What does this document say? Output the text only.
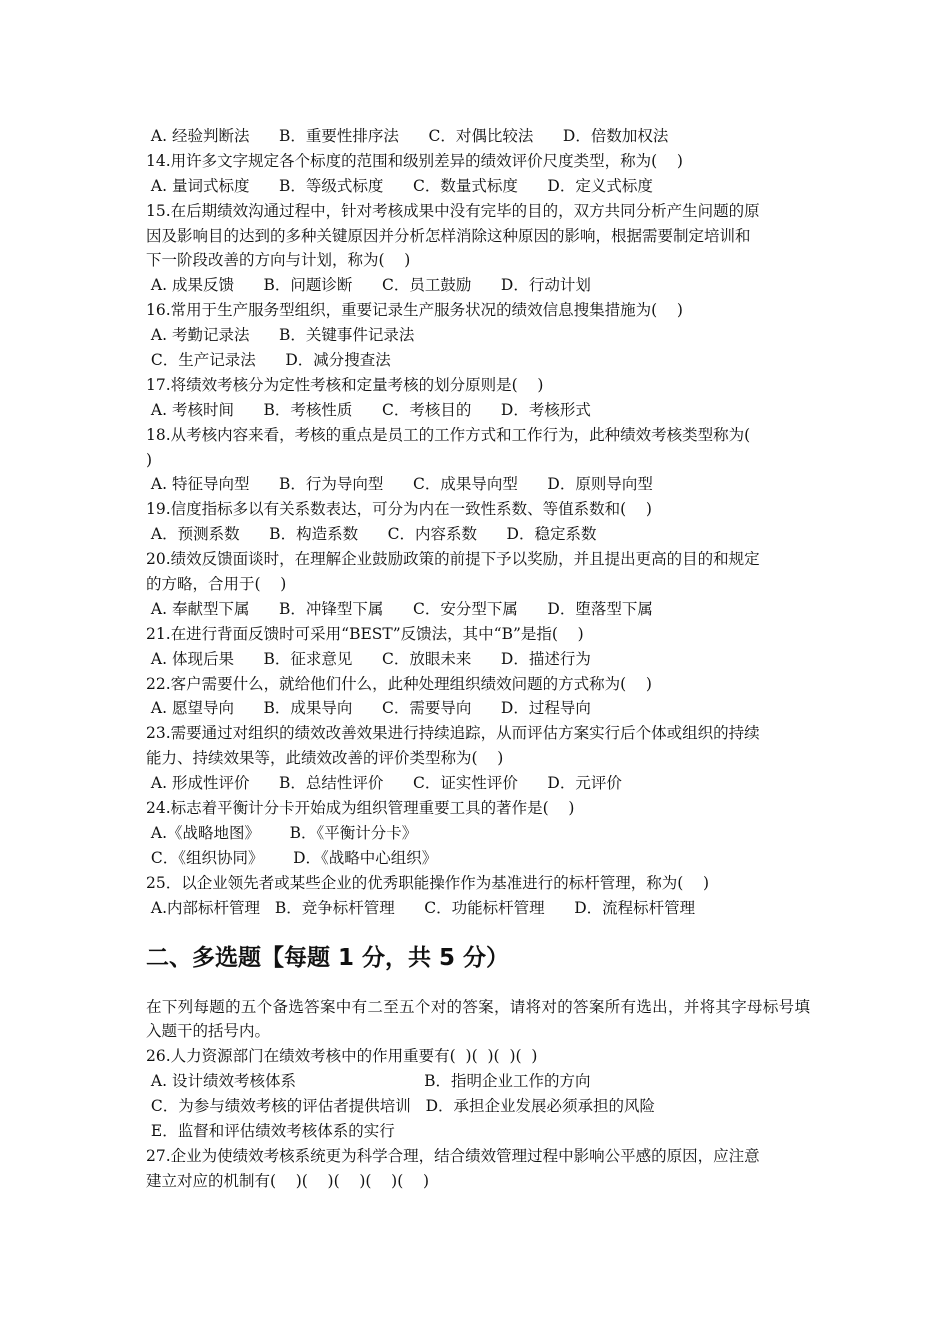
A. 经验判断法      B．重要性排序法      C．对偶比较法      D．倍数加权法
14.用许多文字规定各个标度的范围和级别差异的绩效评价尺度类型，称为(    )
A. 量词式标度      B．等级式标度      C．数量式标度      D．定义式标度
15.在后期绩效沟通过程中，针对考核成果中没有完毕的目的，双方共同分析产生问题的原
因及影响目的达到的多种关键原因并分析怎样消除这种原因的影响，根据需要制定培训和
下一阶段改善的方向与计划，称为(    )
A. 成果反馈      B．问题诊断      C．员工鼓励      D．行动计划
16.常用于生产服务型组织，重要记录生产服务状况的绩效信息搜集措施为(    )
A. 考勤记录法      B．关键事件记录法
C．生产记录法      D．减分搜查法
17.将绩效考核分为定性考核和定量考核的划分原则是(    )
A. 考核时间      B．考核性质      C．考核目的      D．考核形式
18.从考核内容来看，考核的重点是员工的工作方式和工作行为，此种绩效考核类型称为(
)
A. 特征导向型      B．行为导向型      C．成果导向型      D．原则导向型
19.信度指标多以有关系数表达，可分为内在一致性系数、等值系数和(    )
A．预测系数      B．构造系数      C．内容系数      D．稳定系数
20.绩效反馈面谈时，在理解企业鼓励政策的前提下予以奖励，并且提出更高的目的和规定
的方略，合用于(    )
A. 奉献型下属      B．冲锋型下属      C．安分型下属      D．堕落型下属
21.在进行背面反馈时可采用“BEST”反馈法，其中“B”是指(    )
A. 体现后果      B．征求意见      C．放眼未来      D．描述行为
22.客户需要什么，就给他们什么，此种处理组织绩效问题的方式称为(    )
A. 愿望导向      B．成果导向      C．需要导向      D．过程导向
23.需要通过对组织的绩效改善效果进行持续追踪，从而评估方案实行后个体或组织的持续
能力、持续效果等，此绩效改善的评价类型称为(    )
A. 形成性评价      B．总结性评价      C．证实性评价      D．元评价
24.标志着平衡计分卡开始成为组织管理重要工具的著作是(    )
A.《战略地图》      B．《平衡计分卡》
C．《组织协同》      D．《战略中心组织》
25．以企业领先者或某些企业的优秀职能操作作为基准进行的标杆管理，称为(    )
A.内部标杆管理   B．竞争标杆管理      C．功能标杆管理      D．流程标杆管理
二、多选题【每题 1 分，共 5 分）
在下列每题的五个备选答案中有二至五个对的答案，请将对的答案所有选出，并将其字母标号填入题干的括号内。
26.人力资源部门在绩效考核中的作用重要有(  )(  )(  )(  )
A. 设计绩效考核体系                          B．指明企业工作的方向
C．为参与绩效考核的评估者提供培训   D．承担企业发展必须承担的风险
E．监督和评估绩效考核体系的实行
27.企业为使绩效考核系统更为科学合理，结合绩效管理过程中影响公平感的原因，应注意
建立对应的机制有(    )(    )(    )(    )(    )
